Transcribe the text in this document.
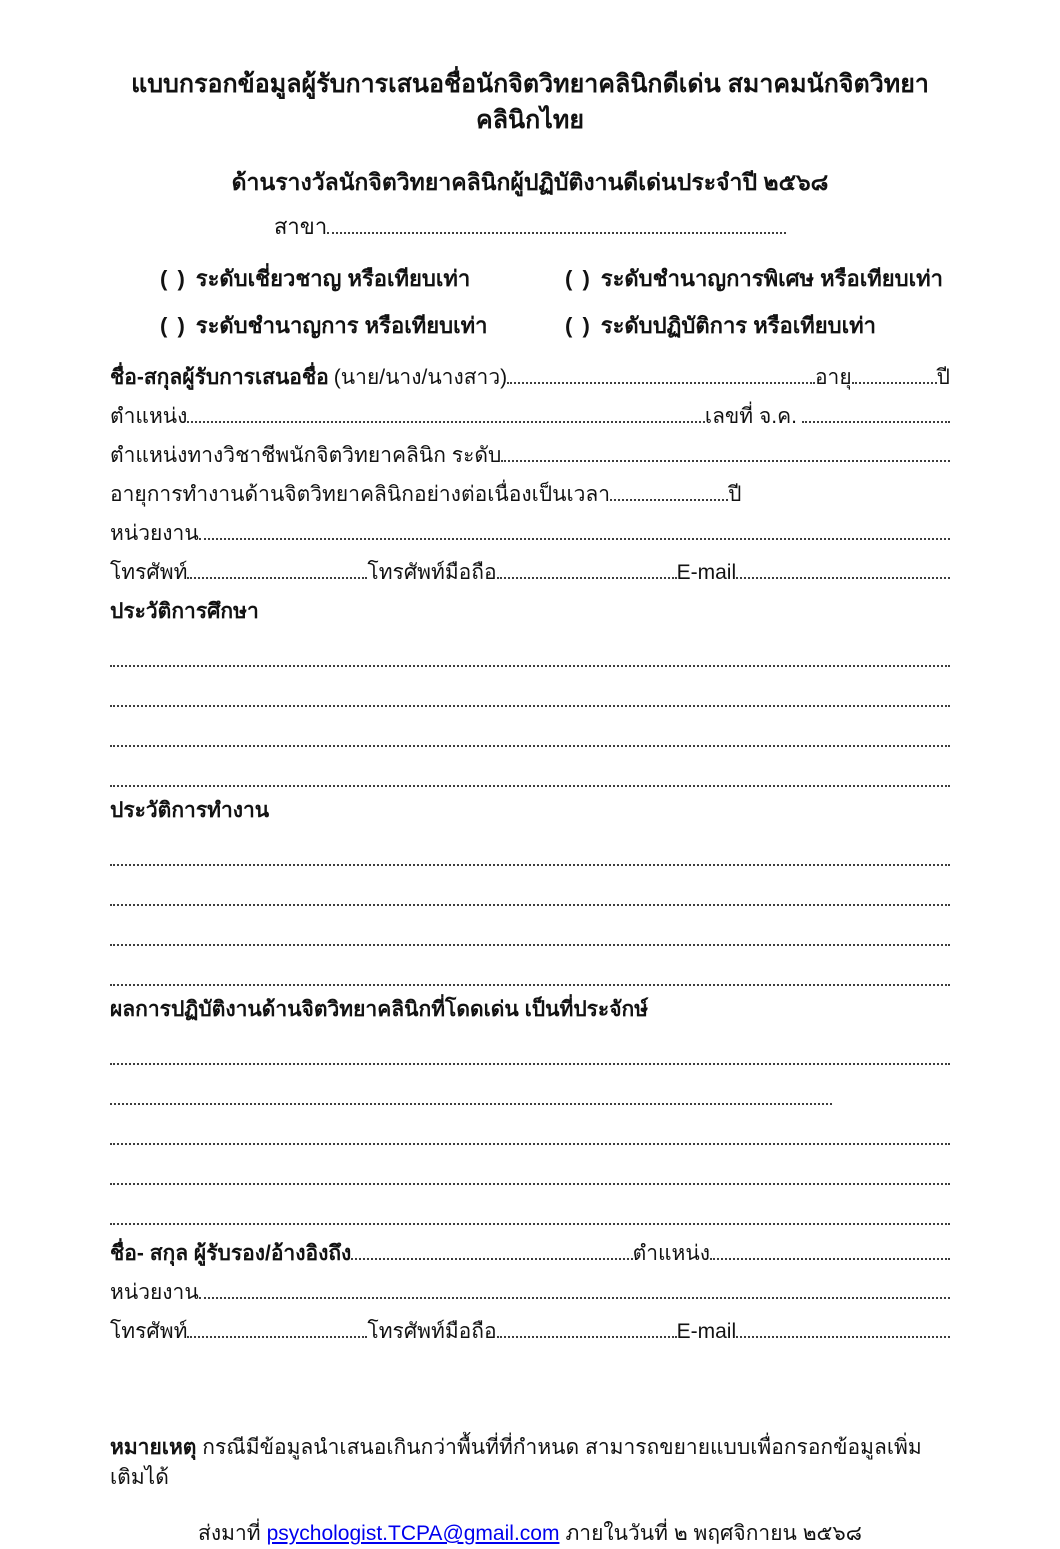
แบบกรอกข้อมูลผู้รับการเสนอชื่อนักจิตวิทยาคลินิกดีเด่น สมาคมนักจิตวิทยาคลินิกไทย
ด้านรางวัลนักจิตวิทยาคลินิกผู้ปฏิบัติงานดีเด่นประจำปี ๒๕๖๘
สาขา
( ) ระดับเชี่ยวชาญ หรือเทียบเท่า	( ) ระดับชำนาญการพิเศษ หรือเทียบเท่า
( ) ระดับชำนาญการ หรือเทียบเท่า	( ) ระดับปฏิบัติการ หรือเทียบเท่า
ชื่อ-สกุลผู้รับการเสนอชื่อ (นาย/นาง/นางสาว)	อายุ	ปี
ตำแหน่ง	เลขที่ จ.ค.
ตำแหน่งทางวิชาชีพนักจิตวิทยาคลินิก ระดับ
อายุการทำงานด้านจิตวิทยาคลินิกอย่างต่อเนื่องเป็นเวลา	ปี
หน่วยงาน
โทรศัพท์	โทรศัพท์มือถือ	E-mail
ประวัติการศึกษา
ประวัติการทำงาน
ผลการปฏิบัติงานด้านจิตวิทยาคลินิกที่โดดเด่น เป็นที่ประจักษ์
ชื่อ- สกุล ผู้รับรอง/อ้างอิงถึง	ตำแหน่ง
หน่วยงาน
โทรศัพท์	โทรศัพท์มือถือ	E-mail
หมายเหตุ กรณีมีข้อมูลนำเสนอเกินกว่าพื้นที่ที่กำหนด สามารถขยายแบบเพื่อกรอกข้อมูลเพิ่มเติมได้
ส่งมาที่ psychologist.TCPA@gmail.com ภายในวันที่ ๒ พฤศจิกายน ๒๕๖๘
